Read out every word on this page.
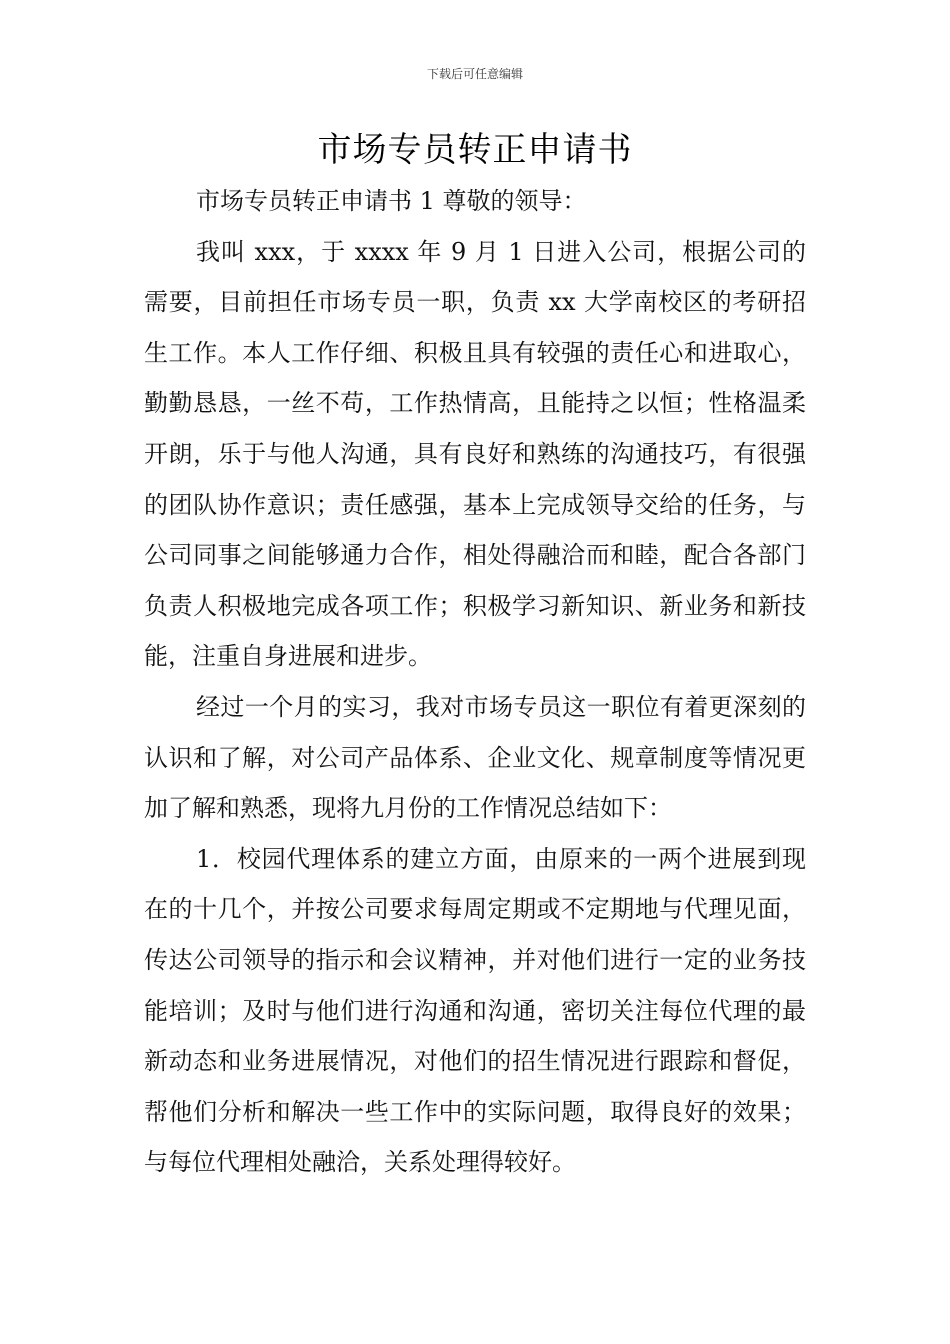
下载后可任意编辑
市场专员转正申请书

市场专员转正申请书 1 尊敬的领导：

我叫 xxx，于 xxxx 年 9 月 1 日进入公司，根据公司的需要，目前担任市场专员一职，负责 xx 大学南校区的考研招生工作。本人工作仔细、积极且具有较强的责任心和进取心，勤勤恳恳，一丝不苟，工作热情高，且能持之以恒；性格温柔开朗，乐于与他人沟通，具有良好和熟练的沟通技巧，有很强的团队协作意识；责任感强，基本上完成领导交给的任务，与公司同事之间能够通力合作，相处得融洽而和睦，配合各部门负责人积极地完成各项工作；积极学习新知识、新业务和新技能，注重自身进展和进步。

经过一个月的实习，我对市场专员这一职位有着更深刻的认识和了解，对公司产品体系、企业文化、规章制度等情况更加了解和熟悉，现将九月份的工作情况总结如下：

1．校园代理体系的建立方面，由原来的一两个进展到现在的十几个，并按公司要求每周定期或不定期地与代理见面，传达公司领导的指示和会议精神，并对他们进行一定的业务技能培训；及时与他们进行沟通和沟通，密切关注每位代理的最新动态和业务进展情况，对他们的招生情况进行跟踪和督促，帮他们分析和解决一些工作中的实际问题，取得良好的效果；与每位代理相处融洽，关系处理得较好。
